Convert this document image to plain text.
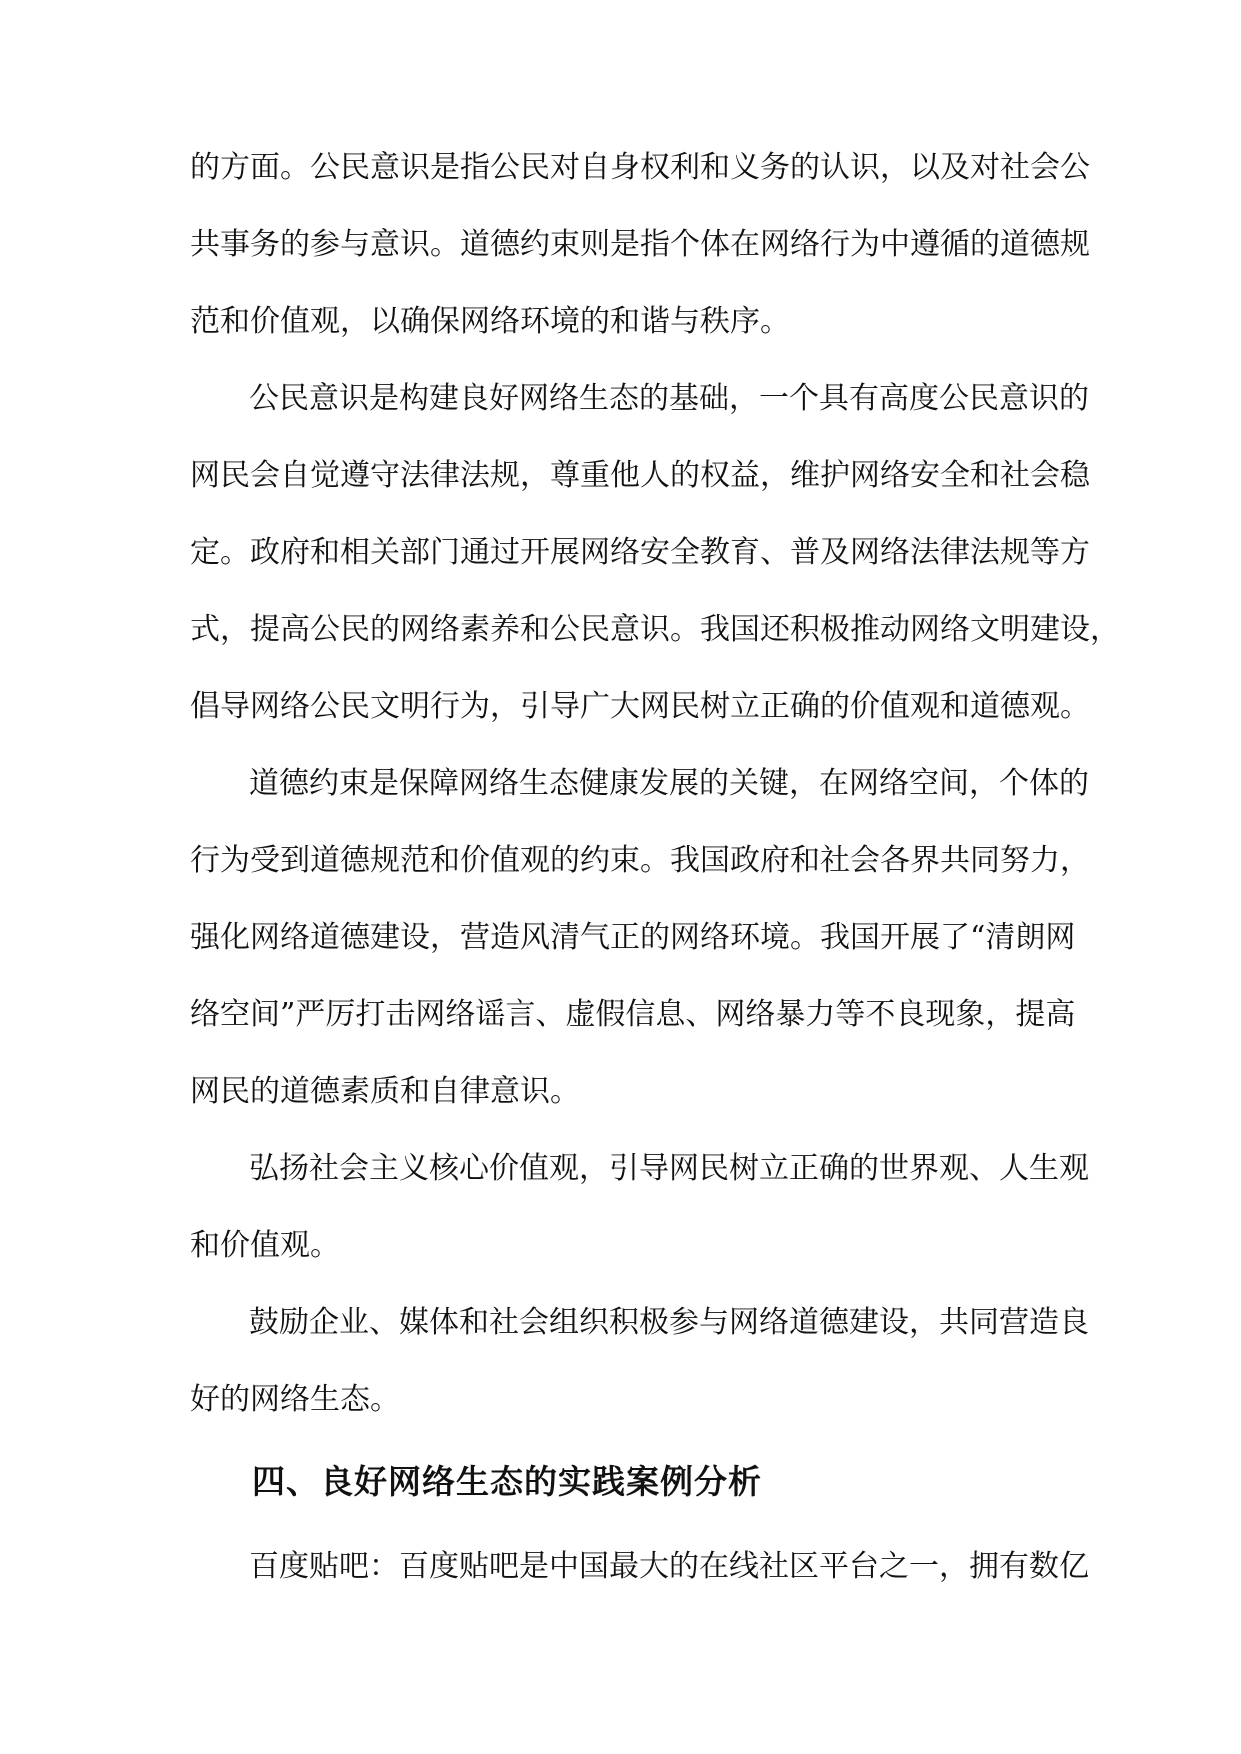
的方面。公民意识是指公民对自身权利和义务的认识，以及对社会公
共事务的参与意识。道德约束则是指个体在网络行为中遵循的道德规
范和价值观，以确保网络环境的和谐与秩序。
公民意识是构建良好网络生态的基础，一个具有高度公民意识的
网民会自觉遵守法律法规，尊重他人的权益，维护网络安全和社会稳
定。政府和相关部门通过开展网络安全教育、普及网络法律法规等方
式，提高公民的网络素养和公民意识。我国还积极推动网络文明建设，
倡导网络公民文明行为，引导广大网民树立正确的价值观和道德观。
道德约束是保障网络生态健康发展的关键，在网络空间，个体的
行为受到道德规范和价值观的约束。我国政府和社会各界共同努力，
强化网络道德建设，营造风清气正的网络环境。我国开展了“清朗网
络空间”严厉打击网络谣言、虚假信息、网络暴力等不良现象，提高
网民的道德素质和自律意识。
弘扬社会主义核心价值观，引导网民树立正确的世界观、人生观
和价值观。
鼓励企业、媒体和社会组织积极参与网络道德建设，共同营造良
好的网络生态。
四、良好网络生态的实践案例分析
百度贴吧：百度贴吧是中国最大的在线社区平台之一，拥有数亿
